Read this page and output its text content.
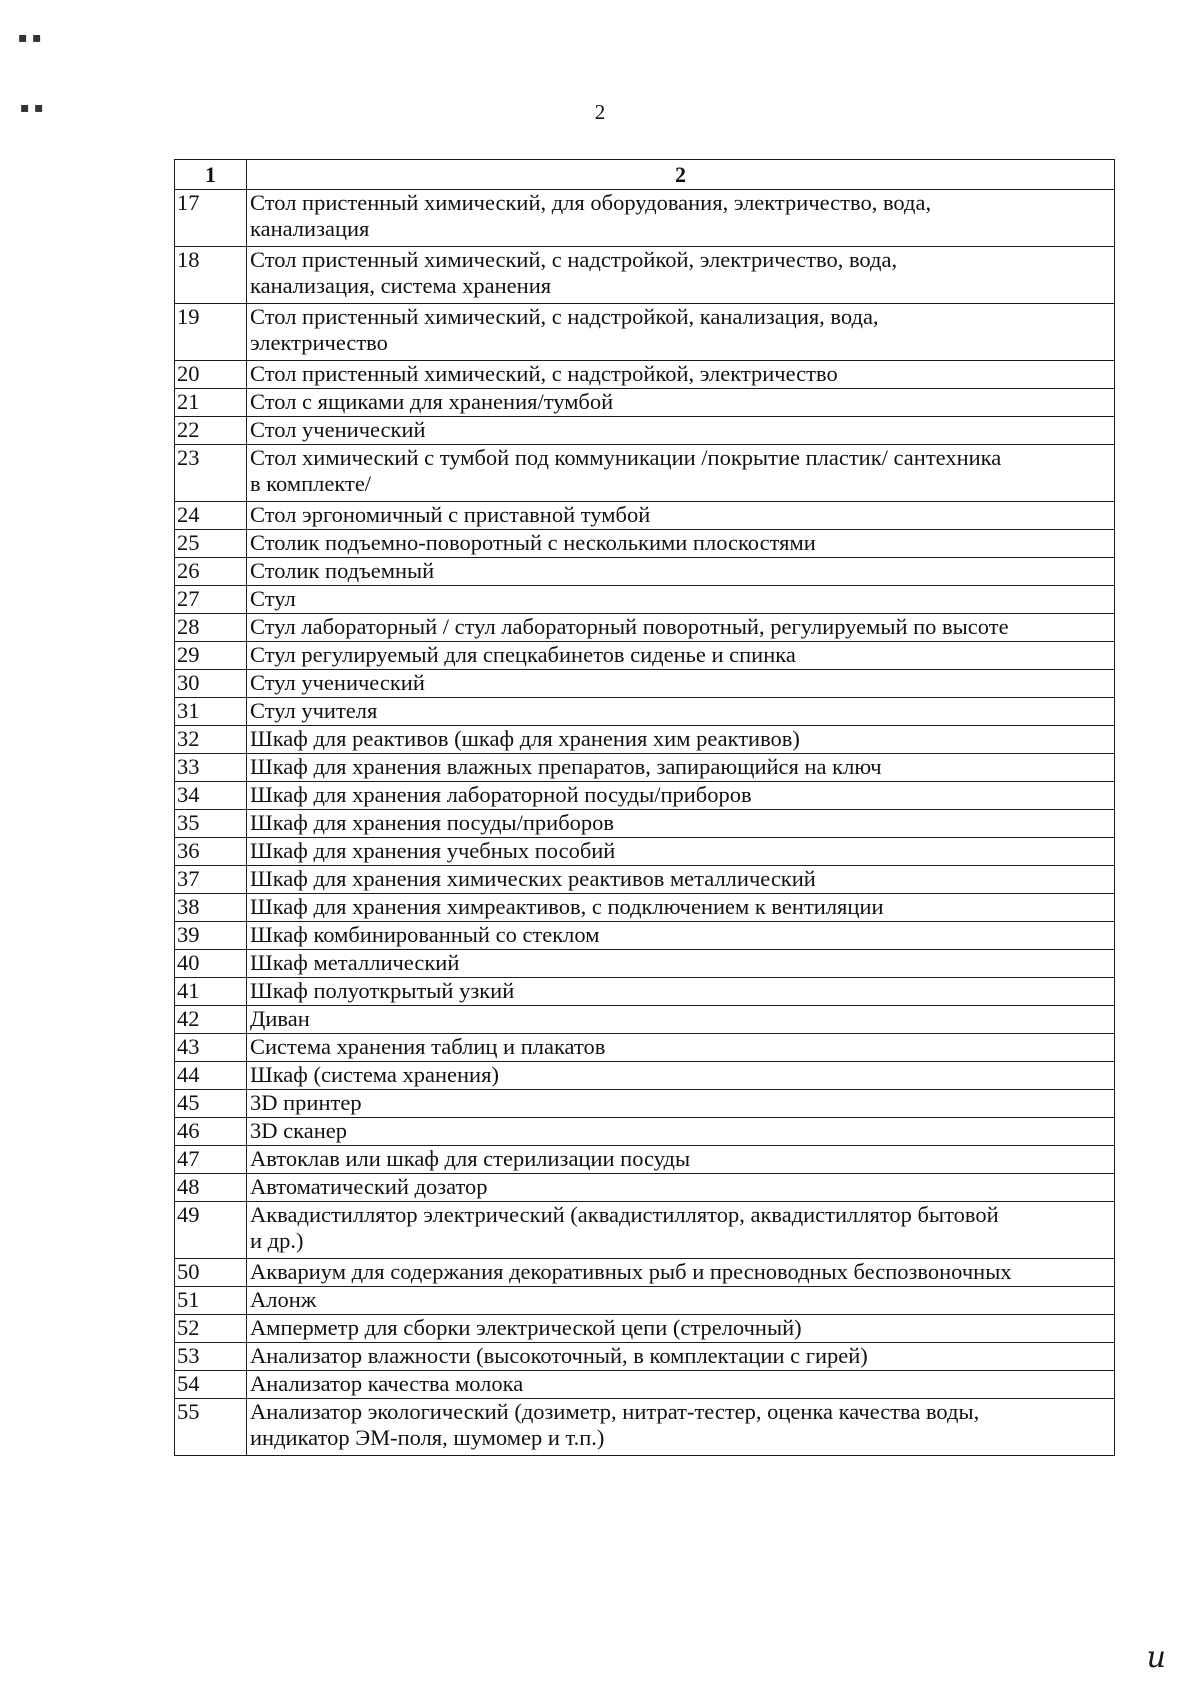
▪ ▪
▪ ▪	2
1	2
17	Стол пристенный химический, для оборудования, электричество, вода,
канализация
18	Стол пристенный химический, с надстройкой, электричество, вода,
канализация, система хранения
19	Стол пристенный химический, с надстройкой, канализация, вода,
электричество
20	Стол пристенный химический, с надстройкой, электричество
21	Стол с ящиками для хранения/тумбой
22	Стол ученический
23	Стол химический с тумбой под коммуникации /покрытие пластик/ сантехника
в комплекте/
24	Стол эргономичный с приставной тумбой
25	Столик подъемно-поворотный с несколькими плоскостями
26	Столик подъемный
27	Стул
28	Стул лабораторный / стул лабораторный поворотный, регулируемый по высоте
29	Стул регулируемый для спецкабинетов сиденье и спинка
30	Стул ученический
31	Стул учителя
32	Шкаф для реактивов (шкаф для хранения хим реактивов)
33	Шкаф для хранения влажных препаратов, запирающийся на ключ
34	Шкаф для хранения лабораторной посуды/приборов
35	Шкаф для хранения посуды/приборов
36	Шкаф для хранения учебных пособий
37	Шкаф для хранения химических реактивов металлический
38	Шкаф для хранения химреактивов, с подключением к вентиляции
39	Шкаф комбинированный со стеклом
40	Шкаф металлический
41	Шкаф полуоткрытый узкий
42	Диван
43	Система хранения таблиц и плакатов
44	Шкаф (система хранения)
45	3D принтер
46	3D сканер
47	Автоклав или шкаф для стерилизации посуды
48	Автоматический дозатор
49	Аквадистиллятор электрический (аквадистиллятор, аквадистиллятор бытовой
и др.)
50	Аквариум для содержания декоративных рыб и пресноводных беспозвоночных
51	Алонж
52	Амперметр для сборки электрической цепи (стрелочный)
53	Анализатор влажности (высокоточный, в комплектации с гирей)
54	Анализатор качества молока
55	Анализатор экологический (дозиметр, нитрат-тестер, оценка качества воды,
индикатор ЭМ-поля, шумомер и т.п.)
и
